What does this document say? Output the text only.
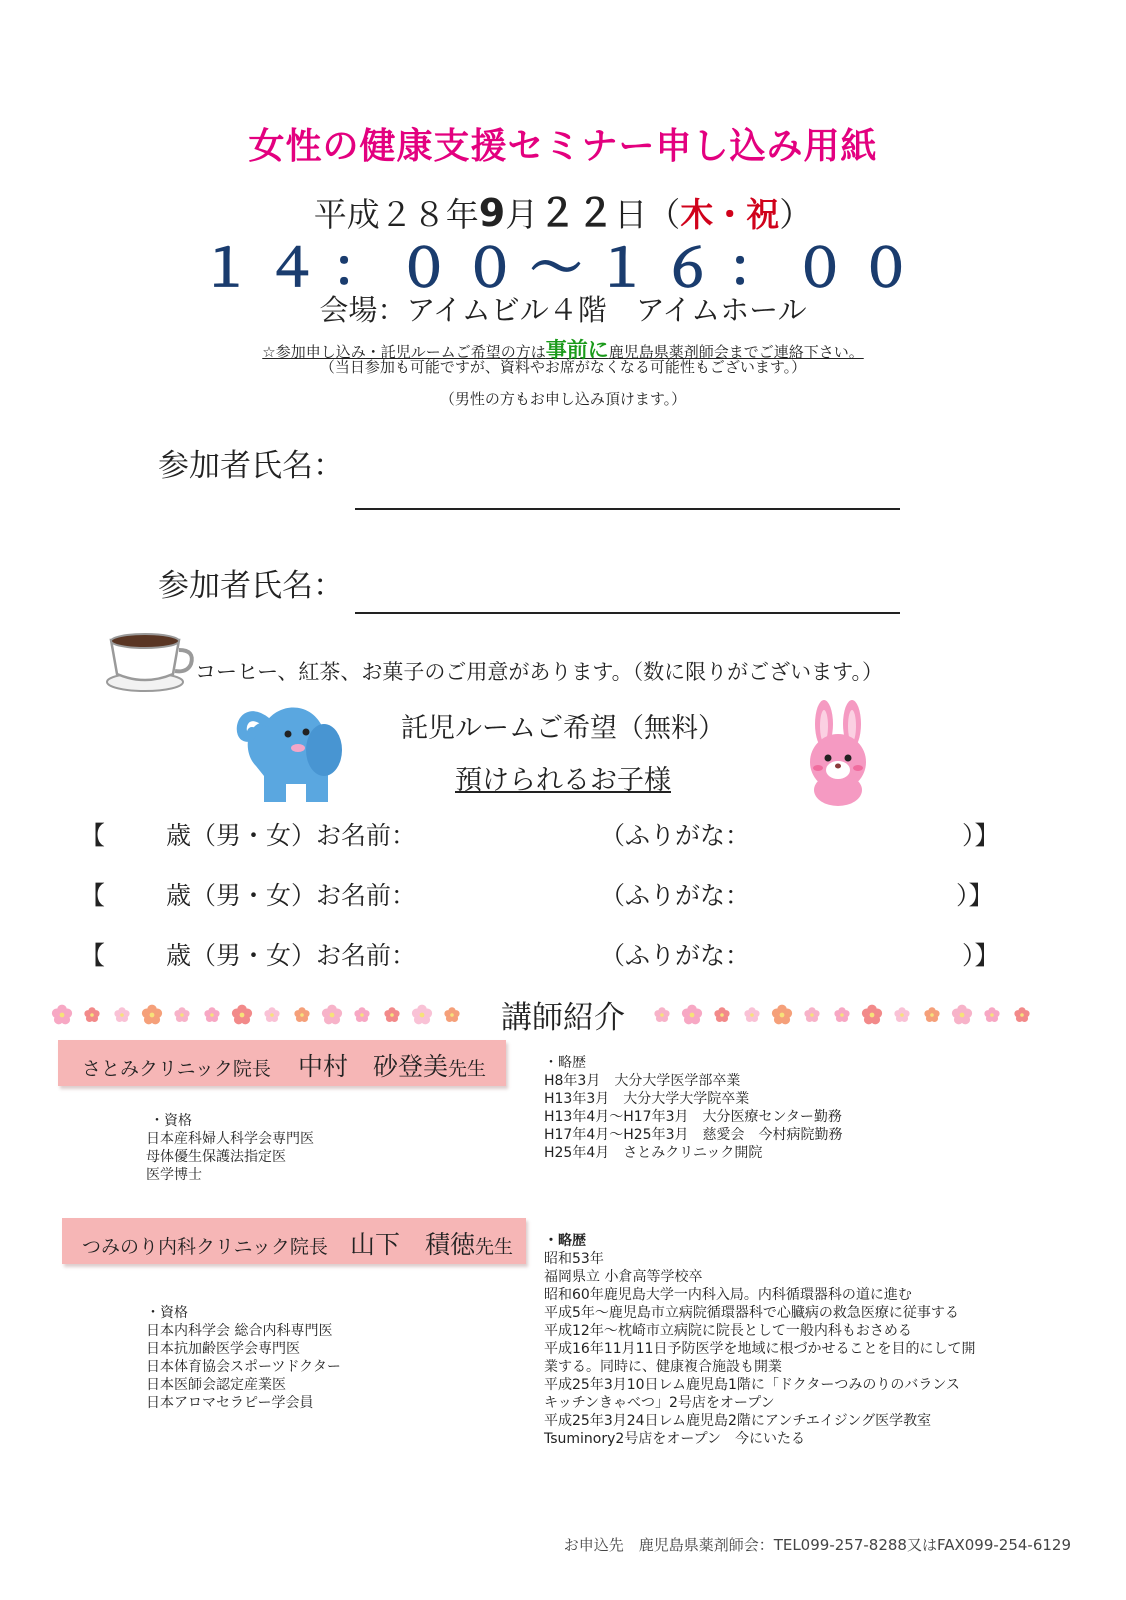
女性の健康支援セミナー申し込み用紙
平成２８年9月２２日（木・祝）
１４：００〜１６：００
会場：アイムビル４階　アイムホール
☆参加申し込み・託児ルームご希望の方は事前に鹿児島県薬剤師会までご連絡下さい。
（当日参加も可能ですが、資料やお席がなくなる可能性もございます。）
（男性の方もお申し込み頂けます。）
参加者氏名：
参加者氏名：
コーヒー、紅茶、お菓子のご用意があります。（数に限りがございます。）
託児ルームご希望（無料）
預けられるお子様
【 歳（男・女）お名前：	（ふりがな：	）】
【 歳（男・女）お名前：	（ふりがな：	）】
【 歳（男・女）お名前：	（ふりがな：	）】
講師紹介
さとみクリニック院長 中村　砂登美先生
・資格
日本産科婦人科学会専門医
母体優生保護法指定医
医学博士
・略歴
H8年3月　大分大学医学部卒業
H13年3月　大分大学大学院卒業
H13年4月〜H17年3月　大分医療センター勤務
H17年4月〜H25年3月　慈愛会　今村病院勤務
H25年4月　さとみクリニック開院
つみのり内科クリニック院長 山下　積徳先生
・資格
日本内科学会 総合内科専門医
日本抗加齢医学会専門医
日本体育協会スポーツドクター
日本医師会認定産業医
日本アロマセラピー学会員
・略歴
昭和53年
福岡県立 小倉高等学校卒
昭和60年鹿児島大学一内科入局。内科循環器科の道に進む
平成5年〜鹿児島市立病院循環器科で心臓病の救急医療に従事する
平成12年〜枕崎市立病院に院長として一般内科もおさめる
平成16年11月11日予防医学を地域に根づかせることを目的にして開
業する。同時に、健康複合施設も開業
平成25年3月10日レム鹿児島1階に「ドクターつみのりのバランス
キッチンきゃべつ」2号店をオープン
平成25年3月24日レム鹿児島2階にアンチエイジング医学教室
Tsuminory2号店をオープン　今にいたる
お申込先　鹿児島県薬剤師会：TEL099-257-8288又はFAX099-254-6129
